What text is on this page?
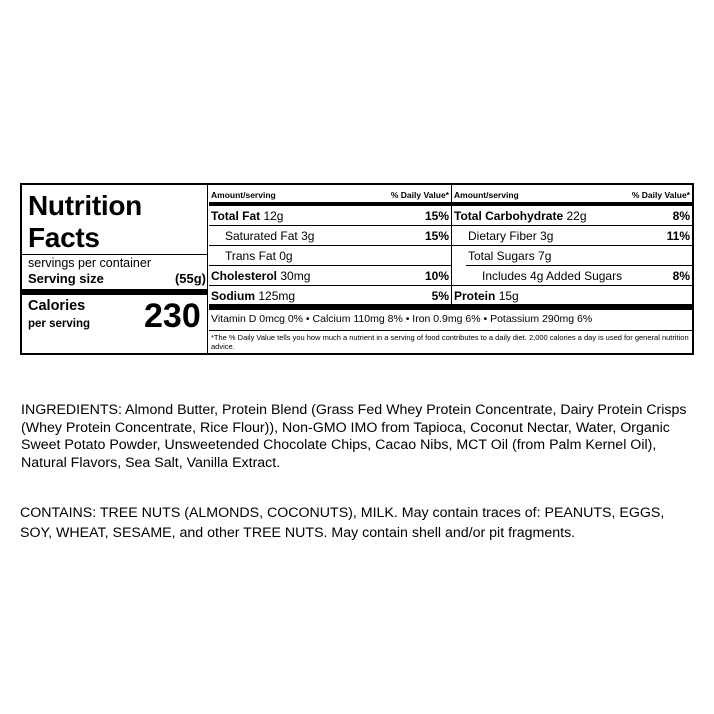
Nutrition
Facts
servings per container
Serving size	(55g)
Calories
per serving 230
Amount/serving	% Daily Value*
Total Fat 12g	15%
Saturated Fat 3g	15%
Trans Fat 0g
Cholesterol 30mg	10%
Sodium 125mg	5%
Amount/serving	% Daily Value*
Total Carbohydrate 22g	8%
Dietary Fiber 3g	11%
Total Sugars 7g
Includes 4g Added Sugars	8%
Protein 15g
Vitamin D 0mcg 0% • Calcium 110mg 8% • Iron 0.9mg 6% • Potassium 290mg 6%
*The % Daily Value tells you how much a nutrient in a serving of food contributes to a daily diet. 2,000 calories a day is used for general nutrition advice.
INGREDIENTS: Almond Butter, Protein Blend (Grass Fed Whey Protein Concentrate, Dairy Protein Crisps (Whey Protein Concentrate, Rice Flour)), Non-GMO IMO from Tapioca, Coconut Nectar, Water, Organic Sweet Potato Powder, Unsweetended Chocolate Chips, Cacao Nibs, MCT Oil (from Palm Kernel Oil), Natural Flavors, Sea Salt, Vanilla Extract.
CONTAINS: TREE NUTS (ALMONDS, COCONUTS), MILK. May contain traces of: PEANUTS, EGGS, SOY, WHEAT, SESAME, and other TREE NUTS. May contain shell and/or pit fragments.
